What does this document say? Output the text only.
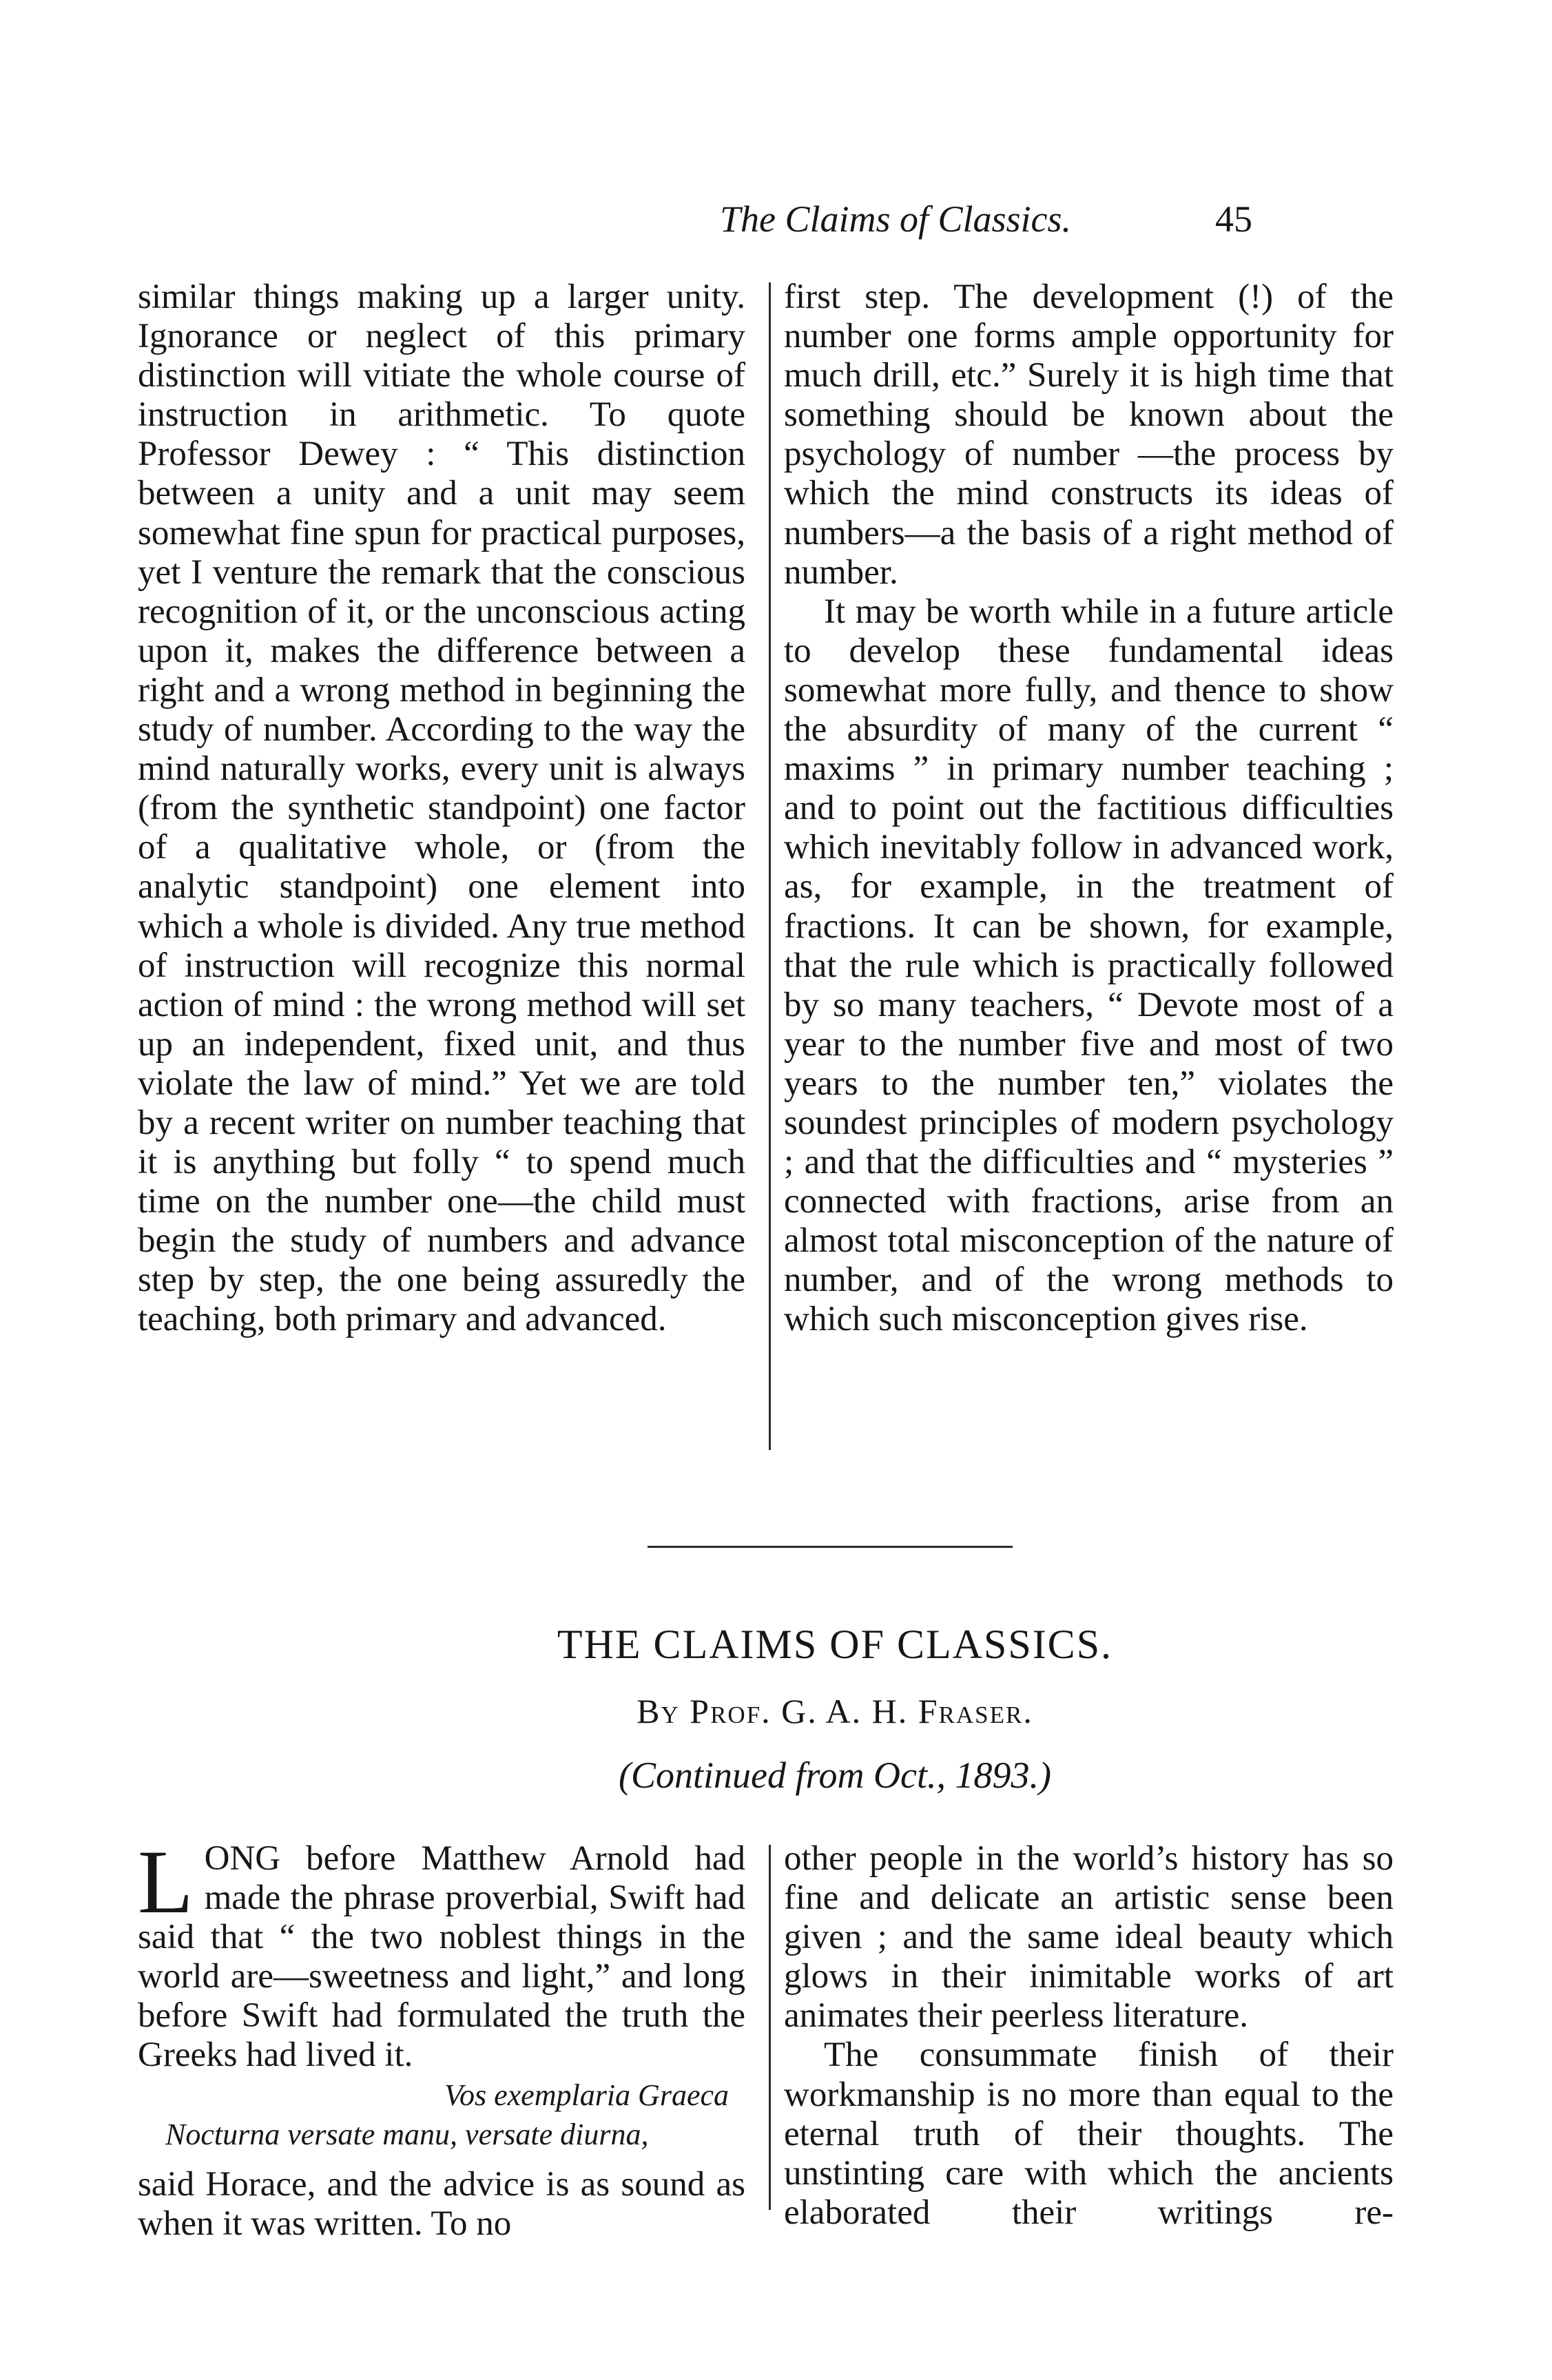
The Claims of Classics.	45

similar things making up a larger unity. Ignorance or neglect of this primary distinction will vitiate the whole course of instruction in arithmetic. To quote Professor Dewey : “ This distinction between a unity and a unit may seem somewhat fine spun for practical purposes, yet I venture the remark that the conscious recognition of it, or the unconscious acting upon it, makes the difference between a right and a wrong method in beginning the study of number. According to the way the mind naturally works, every unit is always (from the synthetic standpoint) one factor of a qualitative whole, or (from the analytic standpoint) one element into which a whole is divided. Any true method of instruction will recognize this normal action of mind : the wrong method will set up an independent, fixed unit, and thus violate the law of mind.” Yet we are told by a recent writer on number teaching that it is anything but folly “ to spend much time on the number one—the child must begin the study of numbers and advance step by step, the one being assuredly the teaching, both primary and advanced.

first step. The development (!) of the number one forms ample opportunity for much drill, etc.” Surely it is high time that something should be known about the psychology of number —the process by which the mind constructs its ideas of numbers—a the basis of a right method of number.

It may be worth while in a future article to develop these fundamental ideas somewhat more fully, and thence to show the absurdity of many of the current “ maxims ” in primary number teaching ; and to point out the factitious difficulties which inevitably follow in advanced work, as, for example, in the treatment of fractions. It can be shown, for example, that the rule which is practically followed by so many teachers, “ Devote most of a year to the number five and most of two years to the number ten,” violates the soundest principles of modern psychology ; and that the difficulties and “ mysteries ” connected with fractions, arise from an almost total misconception of the nature of number, and of the wrong methods to which such misconception gives rise.

THE CLAIMS OF CLASSICS.
By Prof. G. A. H. Fraser.
(Continued from Oct., 1893.)

LONG before Matthew Arnold had made the phrase proverbial, Swift had said that “ the two noblest things in the world are—sweetness and light,” and long before Swift had formulated the truth the Greeks had lived it.

Vos exemplaria Graeca
Nocturna versate manu, versate diurna,

said Horace, and the advice is as sound as when it was written. To no

other people in the world’s history has so fine and delicate an artistic sense been given ; and the same ideal beauty which glows in their inimitable works of art animates their peerless literature.

The consummate finish of their workmanship is no more than equal to the eternal truth of their thoughts. The unstinting care with which the ancients elaborated their writings re-
